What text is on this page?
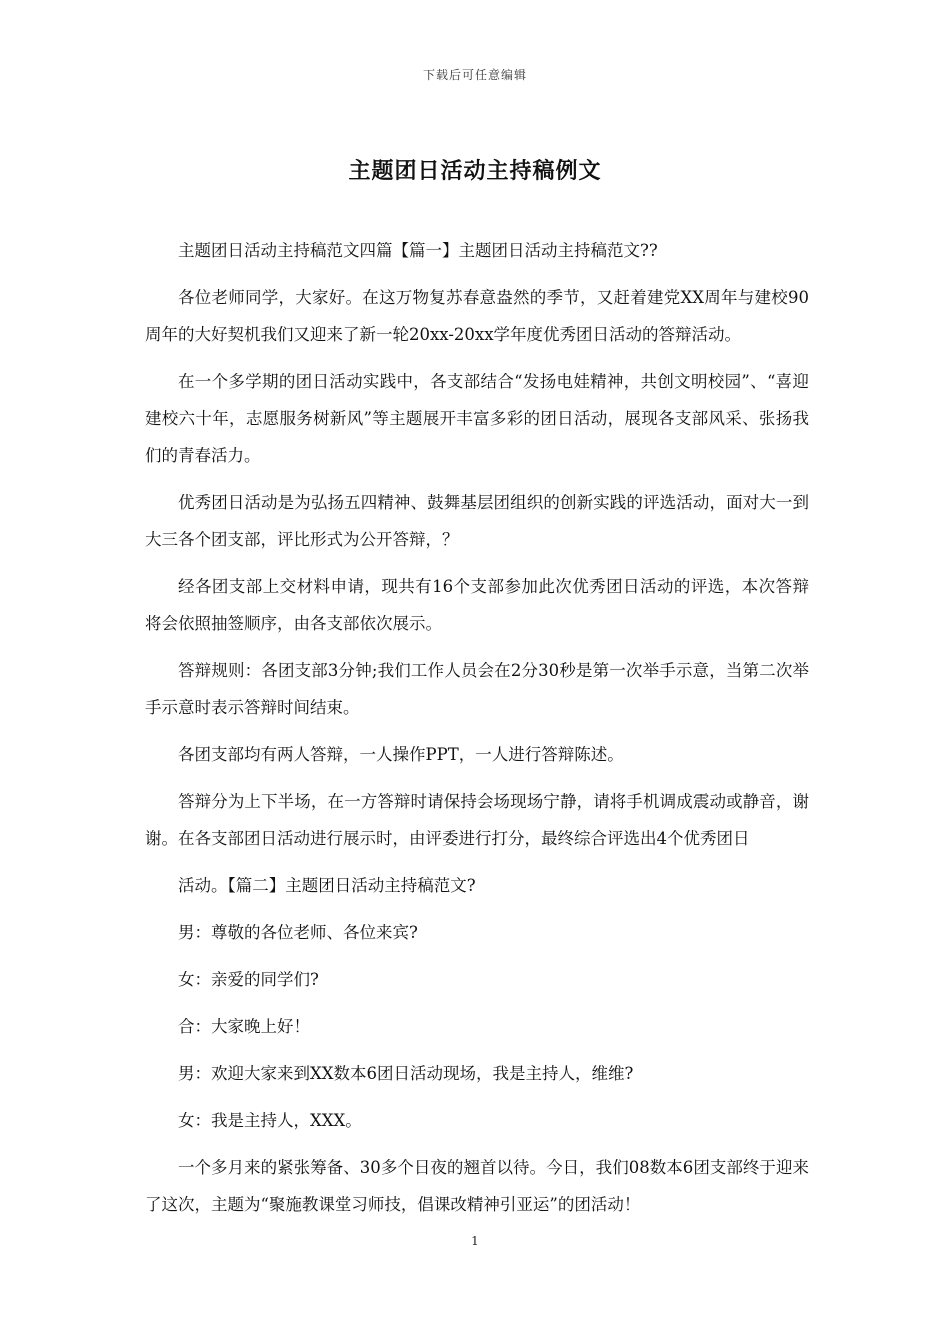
下载后可任意编辑
主题团日活动主持稿例文

主题团日活动主持稿范文四篇【篇一】主题团日活动主持稿范文??

各位老师同学，大家好。在这万物复苏春意盎然的季节，又赶着建党XX周年与建校90周年的大好契机我们又迎来了新一轮20xx-20xx学年度优秀团日活动的答辩活动。

在一个多学期的团日活动实践中，各支部结合“发扬电娃精神，共创文明校园”、“喜迎建校六十年，志愿服务树新风”等主题展开丰富多彩的团日活动，展现各支部风采、张扬我们的青春活力。

优秀团日活动是为弘扬五四精神、鼓舞基层团组织的创新实践的评选活动，面对大一到大三各个团支部，评比形式为公开答辩，？

经各团支部上交材料申请，现共有16个支部参加此次优秀团日活动的评选，本次答辩将会依照抽签顺序，由各支部依次展示。

答辩规则：各团支部3分钟;我们工作人员会在2分30秒是第一次举手示意，当第二次举手示意时表示答辩时间结束。

各团支部均有两人答辩，一人操作PPT，一人进行答辩陈述。

答辩分为上下半场，在一方答辩时请保持会场现场宁静，请将手机调成震动或静音，谢谢。在各支部团日活动进行展示时，由评委进行打分，最终综合评选出4个优秀团日

活动。【篇二】主题团日活动主持稿范文?

男：尊敬的各位老师、各位来宾?

女：亲爱的同学们?

合：大家晚上好！

男：欢迎大家来到XX数本6团日活动现场，我是主持人，维维?

女：我是主持人，XXX。

一个多月来的紧张筹备、30多个日夜的翘首以待。今日，我们08数本6团支部终于迎来了这次，主题为“聚施教课堂习师技，倡课改精神引亚运”的团活动！

1
